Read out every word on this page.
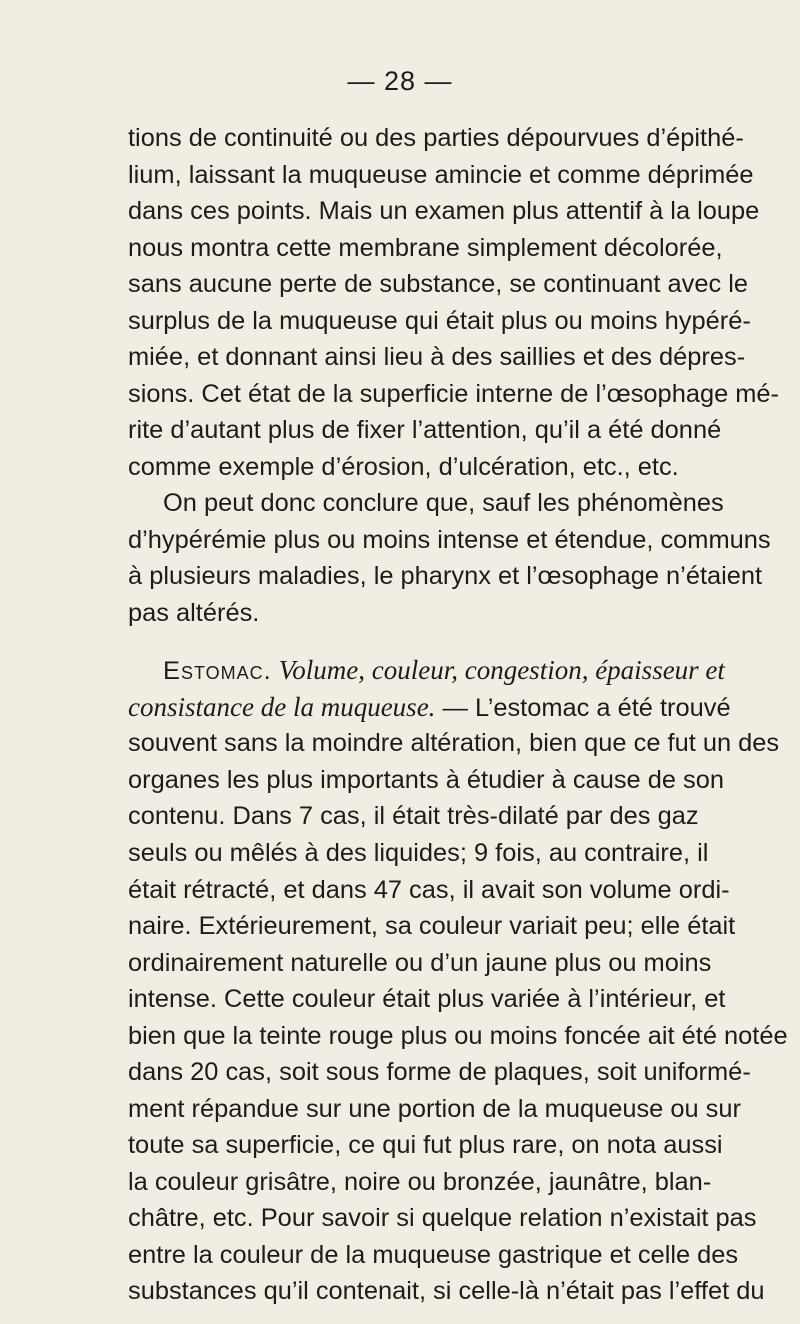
— 28 —
tions de continuité ou des parties dépourvues d’épithé-
lium, laissant la muqueuse amincie et comme déprimée
dans ces points. Mais un examen plus attentif à la loupe
nous montra cette membrane simplement décolorée,
sans aucune perte de substance, se continuant avec le
surplus de la muqueuse qui était plus ou moins hypéré-
miée, et donnant ainsi lieu à des saillies et des dépres-
sions. Cet état de la superficie interne de l’œsophage mé-
rite d’autant plus de fixer l’attention, qu’il a été donné
comme exemple d’érosion, d’ulcération, etc., etc.
On peut donc conclure que, sauf les phénomènes
d’hypérémie plus ou moins intense et étendue, communs
à plusieurs maladies, le pharynx et l’œsophage n’étaient
pas altérés.
Estomac. Volume, couleur, congestion, épaisseur et
consistance de la muqueuse. — L’estomac a été trouvé
souvent sans la moindre altération, bien que ce fut un des
organes les plus importants à étudier à cause de son
contenu. Dans 7 cas, il était très-dilaté par des gaz
seuls ou mêlés à des liquides; 9 fois, au contraire, il
était rétracté, et dans 47 cas, il avait son volume ordi-
naire. Extérieurement, sa couleur variait peu; elle était
ordinairement naturelle ou d’un jaune plus ou moins
intense. Cette couleur était plus variée à l’intérieur, et
bien que la teinte rouge plus ou moins foncée ait été notée
dans 20 cas, soit sous forme de plaques, soit uniformé-
ment répandue sur une portion de la muqueuse ou sur
toute sa superficie, ce qui fut plus rare, on nota aussi
la couleur grisâtre, noire ou bronzée, jaunâtre, blan-
châtre, etc. Pour savoir si quelque relation n’existait pas
entre la couleur de la muqueuse gastrique et celle des
substances qu’il contenait, si celle-là n’était pas l’effet du
